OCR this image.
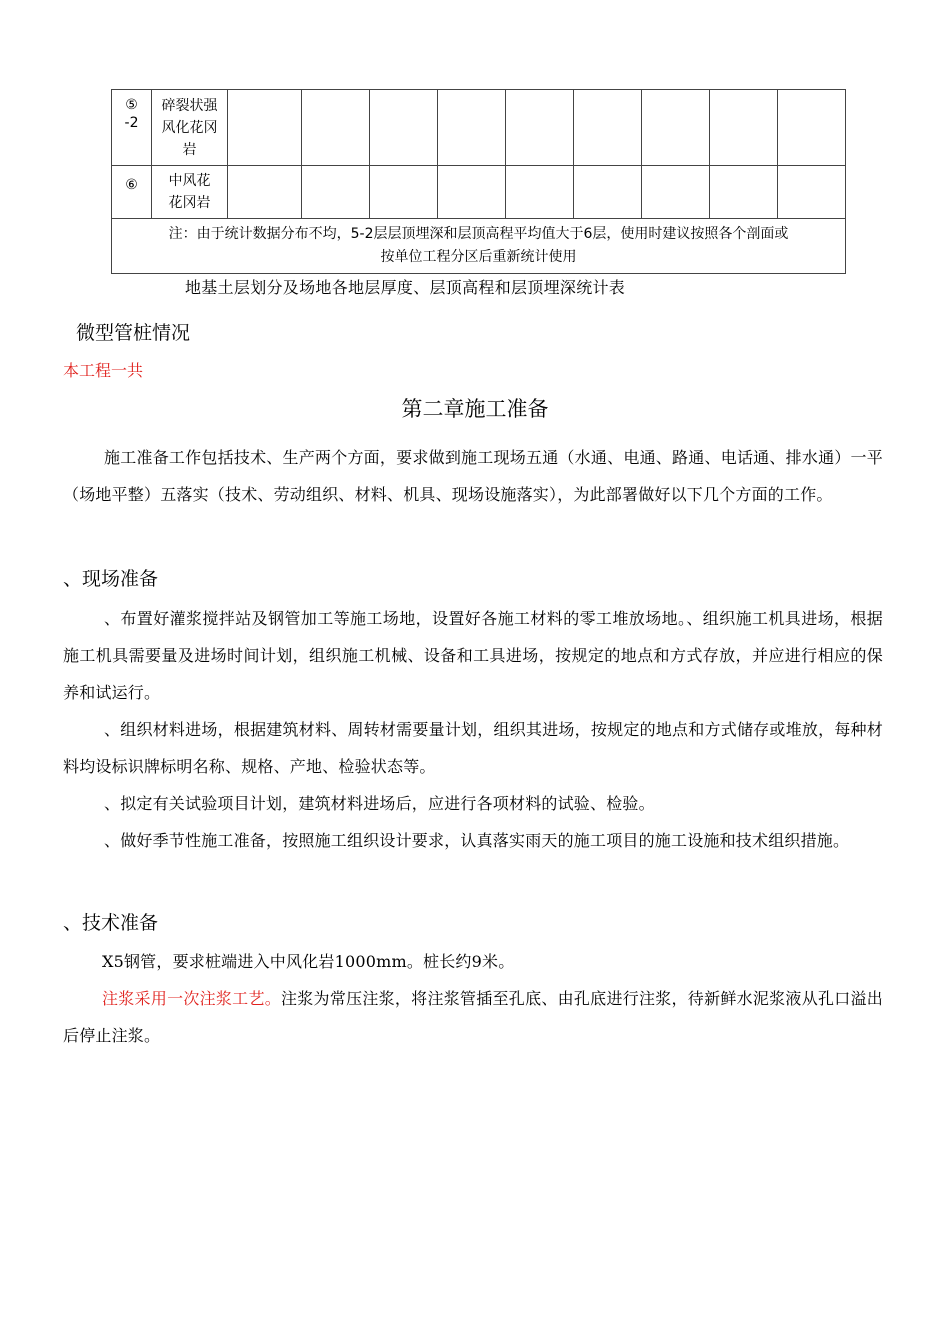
⑤
-2	碎裂状强
风化花冈
岩									

⑥	中风花
花冈岩									

注：由于统计数据分布不均，5-2层层顶埋深和层顶高程平均值大于6层，使用时建议按照各个剖面或
按单位工程分区后重新统计使用										
地基土层划分及场地各地层厚度、层顶高程和层顶埋深统计表
微型管桩情况
本工程一共
第二章施工准备

施工准备工作包括技术、生产两个方面，要求做到施工现场五通（水通、电通、路通、电话通、排水通）一平（场地平整）五落实（技术、劳动组织、材料、机具、现场设施落实），为此部署做好以下几个方面的工作。

、现场准备

、布置好灌浆搅拌站及钢管加工等施工场地，设置好各施工材料的零工堆放场地。、组织施工机具进场，根据施工机具需要量及进场时间计划，组织施工机械、设备和工具进场，按规定的地点和方式存放，并应进行相应的保养和试运行。

、组织材料进场，根据建筑材料、周转材需要量计划，组织其进场，按规定的地点和方式储存或堆放，每种材料均设标识牌标明名称、规格、产地、检验状态等。

、拟定有关试验项目计划，建筑材料进场后，应进行各项材料的试验、检验。

、做好季节性施工准备，按照施工组织设计要求，认真落实雨天的施工项目的施工设施和技术组织措施。

、技术准备

X5钢管，要求桩端进入中风化岩1000mm。桩长约9米。

注浆采用一次注浆工艺。注浆为常压注浆，将注浆管插至孔底、由孔底进行注浆，待新鲜水泥浆液从孔口溢出后停止注浆。
